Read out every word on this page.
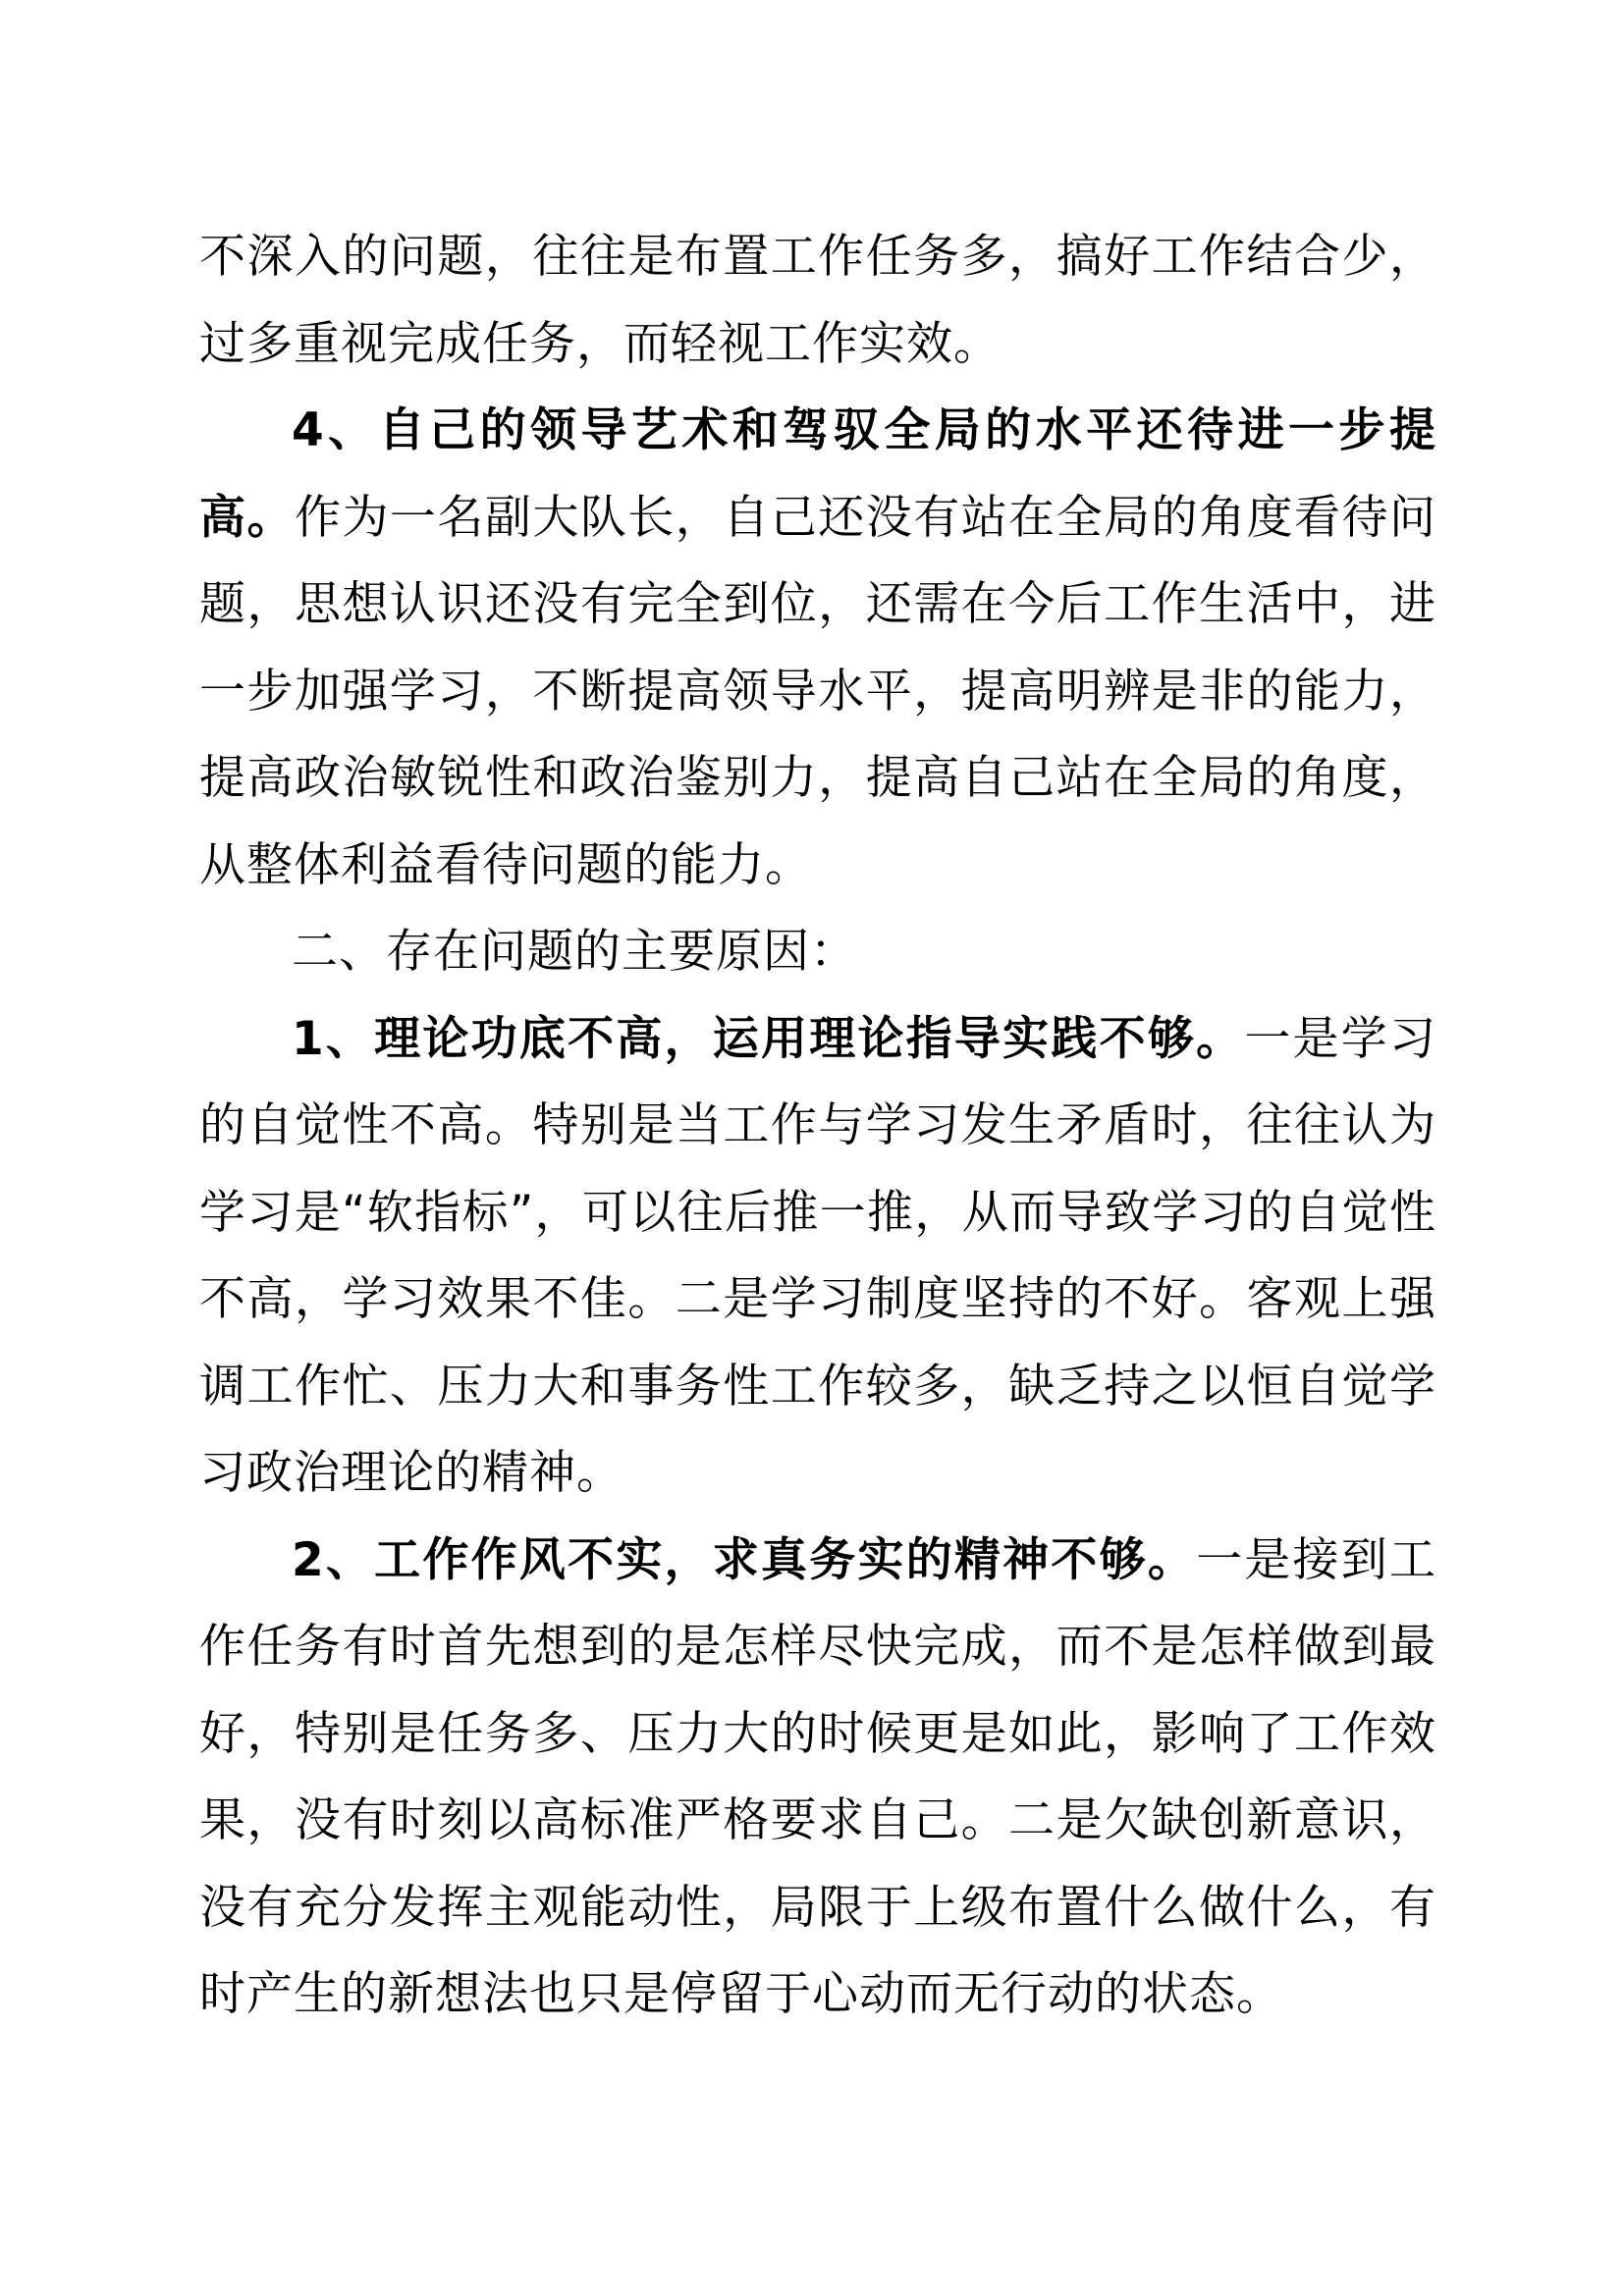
不深入的问题，往往是布置工作任务多，搞好工作结合少，过多重视完成任务，而轻视工作实效。

4、自己的领导艺术和驾驭全局的水平还待进一步提高。作为一名副大队长，自己还没有站在全局的角度看待问题，思想认识还没有完全到位，还需在今后工作生活中，进一步加强学习，不断提高领导水平，提高明辨是非的能力，提高政治敏锐性和政治鉴别力，提高自己站在全局的角度，从整体利益看待问题的能力。

二、存在问题的主要原因：

1、理论功底不高，运用理论指导实践不够。一是学习的自觉性不高。特别是当工作与学习发生矛盾时，往往认为学习是“软指标”，可以往后推一推，从而导致学习的自觉性不高，学习效果不佳。二是学习制度坚持的不好。客观上强调工作忙、压力大和事务性工作较多，缺乏持之以恒自觉学习政治理论的精神。

2、工作作风不实，求真务实的精神不够。一是接到工作任务有时首先想到的是怎样尽快完成，而不是怎样做到最好，特别是任务多、压力大的时候更是如此，影响了工作效果，没有时刻以高标准严格要求自己。二是欠缺创新意识，没有充分发挥主观能动性，局限于上级布置什么做什么，有时产生的新想法也只是停留于心动而无行动的状态。
